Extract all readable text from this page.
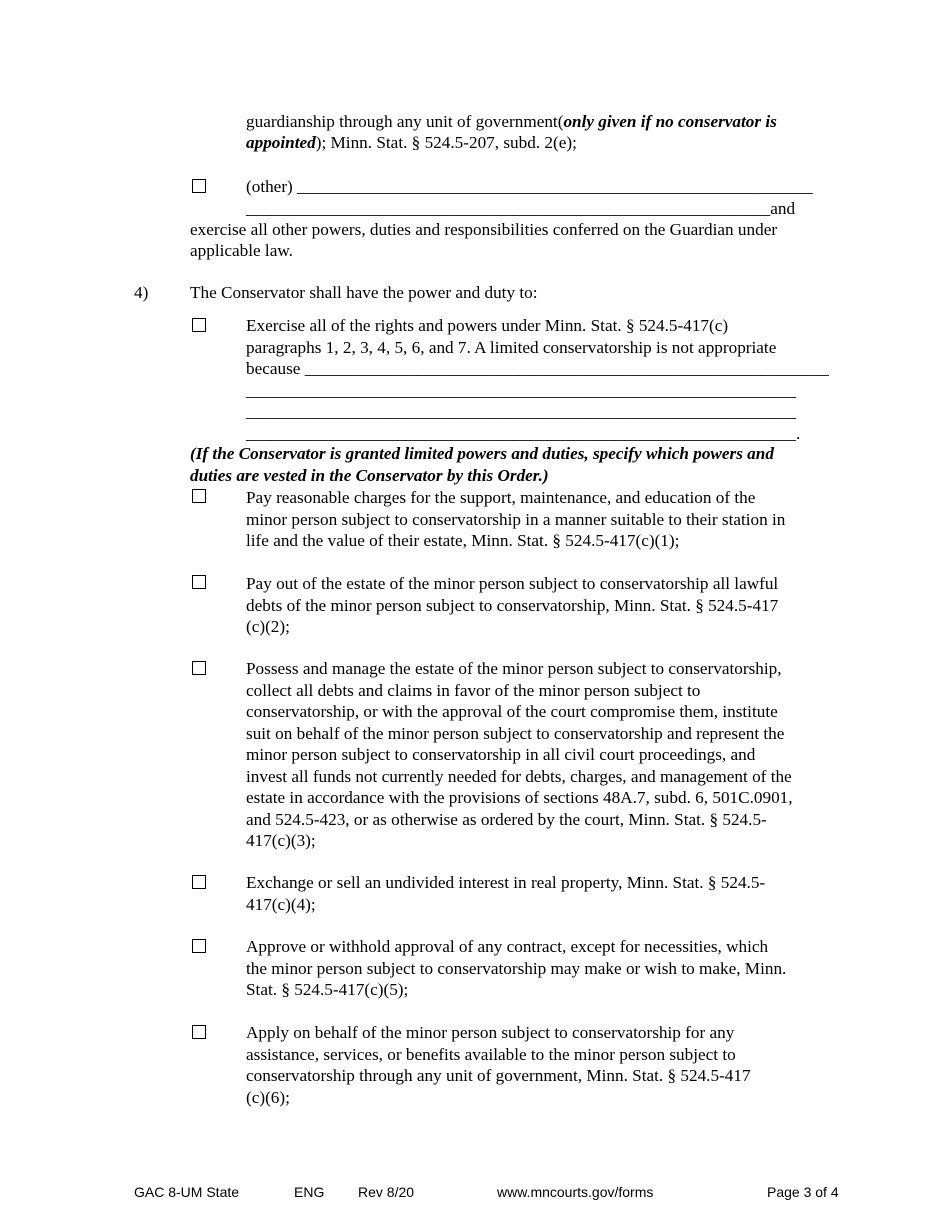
guardianship through any unit of government(only given if no conservator is
appointed); Minn. Stat. § 524.5-207, subd. 2(e);
(other) ____________________________________________________________
_____________________________________________________________and
exercise all other powers, duties and responsibilities conferred on the Guardian under
applicable law.
4) The Conservator shall have the power and duty to:
Exercise all of the rights and powers under Minn. Stat. § 524.5-417(c)
paragraphs 1, 2, 3, 4, 5, 6, and 7. A limited conservatorship is not appropriate
because _____________________________________________________________
________________________________________________________________
________________________________________________________________
________________________________________________________________.
(If the Conservator is granted limited powers and duties, specify which powers and
duties are vested in the Conservator by this Order.)
Pay reasonable charges for the support, maintenance, and education of the
minor person subject to conservatorship in a manner suitable to their station in
life and the value of their estate, Minn. Stat. § 524.5-417(c)(1);
Pay out of the estate of the minor person subject to conservatorship all lawful
debts of the minor person subject to conservatorship, Minn. Stat. § 524.5-417
(c)(2);
Possess and manage the estate of the minor person subject to conservatorship,
collect all debts and claims in favor of the minor person subject to
conservatorship, or with the approval of the court compromise them, institute
suit on behalf of the minor person subject to conservatorship and represent the
minor person subject to conservatorship in all civil court proceedings, and
invest all funds not currently needed for debts, charges, and management of the
estate in accordance with the provisions of sections 48A.7, subd. 6, 501C.0901,
and 524.5-423, or as otherwise as ordered by the court, Minn. Stat. § 524.5-
417(c)(3);
Exchange or sell an undivided interest in real property, Minn. Stat. § 524.5-
417(c)(4);
Approve or withhold approval of any contract, except for necessities, which
the minor person subject to conservatorship may make or wish to make, Minn.
Stat. § 524.5-417(c)(5);
Apply on behalf of the minor person subject to conservatorship for any
assistance, services, or benefits available to the minor person subject to
conservatorship through any unit of government, Minn. Stat. § 524.5-417
(c)(6);
GAC 8-UM State	ENG Rev 8/20	www.mncourts.gov/forms	Page 3 of 4
